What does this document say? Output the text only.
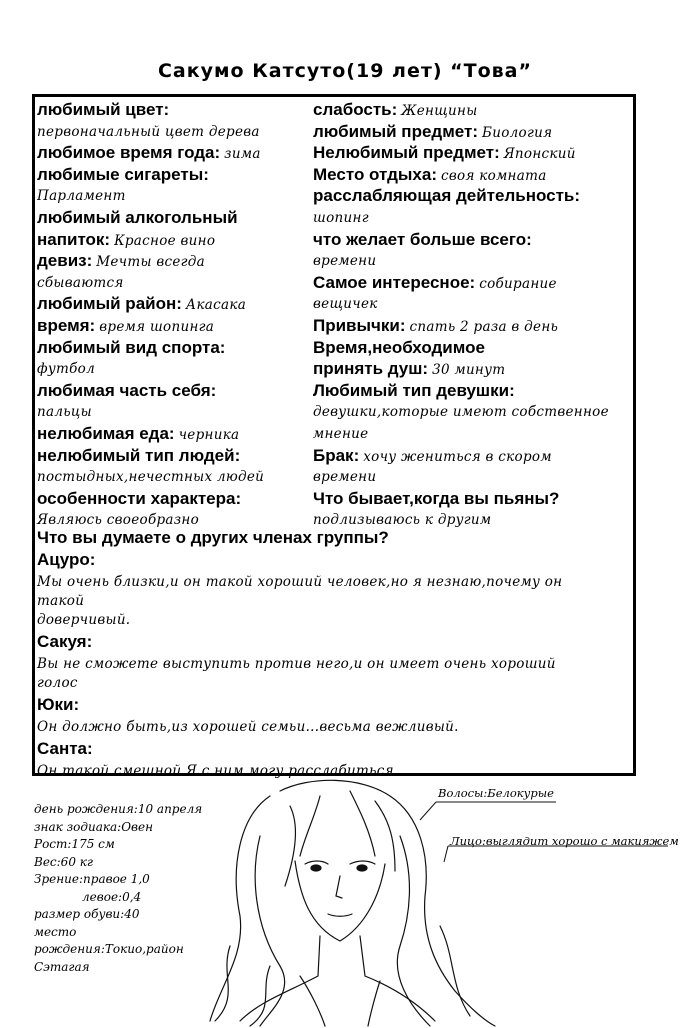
Сакумо Катсуто(19 лет) “Това”
любимый цвет:
первоначальный цвет дерева
любимое время года: зима
любимые сигареты:
Парламент
любимый алкогольный
напиток: Красное вино
девиз: Мечты всегда
сбываются
любимый район: Акасака
время: время шопинга
любимый вид спорта:
футбол
любимая часть себя:
пальцы
нелюбимая еда: черника
нелюбимый тип людей:
постыдных,нечестных людей
особенности характера:
Являюсь своеобразно
слабость: Женщины
любимый предмет: Биология
Нелюбимый предмет: Японский
Место отдыха: своя комната
расслабляющая дейтельность:
шопинг
что желает больше всего:
времени
Самое интересное: собирание
вещичек
Привычки: спать 2 раза в день
Время,необходимое
принять душ: 30 минут
Любимый тип девушки:
девушки,которые имеют собственное
мнение
Брак: хочу жениться в скором
времени
Что бывает,когда вы пьяны?
подлизываюсь к другим
Что вы думаете о других членах группы?
Ацуро:
Мы очень близки,и он такой хороший человек,но я незнаю,почему он
такой
доверчивый.
Сакуя:
Вы не сможете выступить против него,и он имеет очень хороший
голос
Юки:
Он должно быть,из хорошей семьи...весьма вежливый.
Санта:
Он такой смешной.Я с ним могу расслабиться
день рождения:10 апреля
знак зодиака:Овен
Рост:175 см
Вес:60 кг
Зрение:правое 1,0
левое:0,4
размер обуви:40
место
рождения:Токио,район
Сэтагая
Волосы:Белокурые
Лицо:выглядит хорошо с макияжем
